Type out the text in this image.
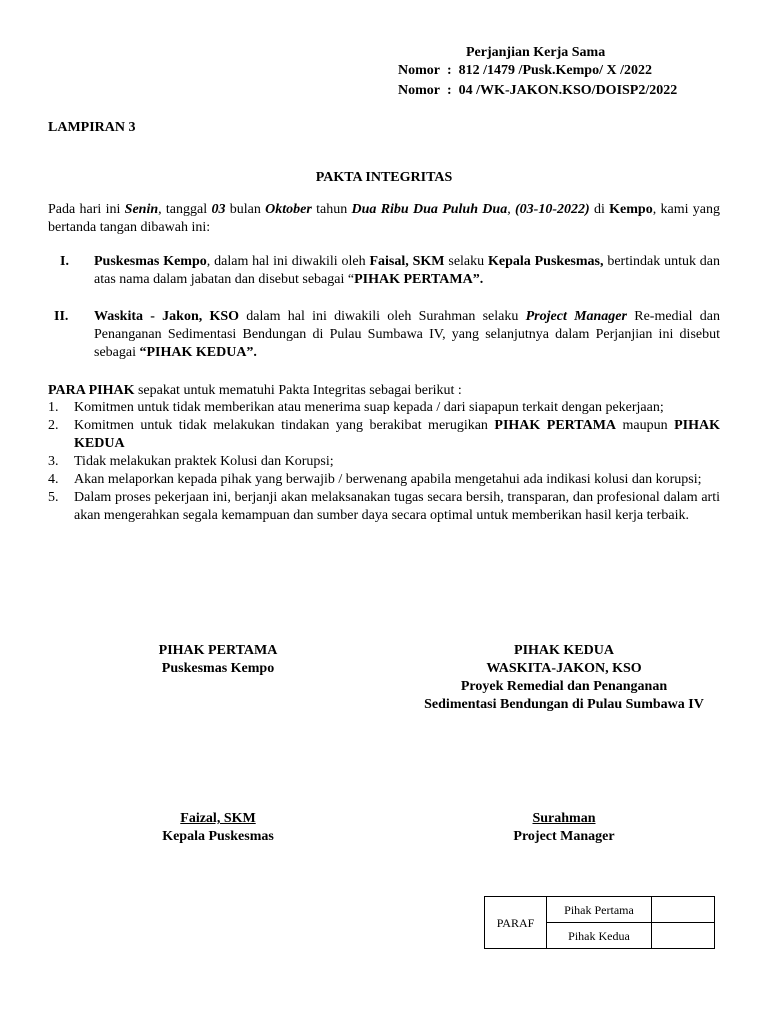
Perjanjian Kerja Sama
Nomor : 812 /1479 /Pusk.Kempo/ X /2022
Nomor : 04 /WK-JAKON.KSO/DOISP2/2022
LAMPIRAN 3
PAKTA INTEGRITAS
Pada hari ini Senin, tanggal 03 bulan Oktober tahun Dua Ribu Dua Puluh Dua, (03-10-2022) di Kempo, kami yang bertanda tangan dibawah ini:
I.	Puskesmas Kempo, dalam hal ini diwakili oleh Faisal, SKM selaku Kepala Puskesmas, bertindak untuk dan atas nama dalam jabatan dan disebut sebagai “PIHAK PERTAMA”.
II.	Waskita - Jakon, KSO dalam hal ini diwakili oleh Surahman selaku Project Manager Re-medial dan Penanganan Sedimentasi Bendungan di Pulau Sumbawa IV, yang selanjutnya dalam Perjanjian ini disebut sebagai “PIHAK KEDUA”.
PARA PIHAK sepakat untuk mematuhi Pakta Integritas sebagai berikut :
1.	Komitmen untuk tidak memberikan atau menerima suap kepada / dari siapapun terkait dengan pekerjaan;
2.	Komitmen untuk tidak melakukan tindakan yang berakibat merugikan PIHAK PERTAMA maupun PIHAK KEDUA
3.	Tidak melakukan praktek Kolusi dan Korupsi;
4.	Akan melaporkan kepada pihak yang berwajib / berwenang apabila mengetahui ada indikasi kolusi dan korupsi;
5.	Dalam proses pekerjaan ini, berjanji akan melaksanakan tugas secara bersih, transparan, dan profesional dalam arti akan mengerahkan segala kemampuan dan sumber daya secara optimal untuk memberikan hasil kerja terbaik.
PIHAK PERTAMA
Puskesmas Kempo
PIHAK KEDUA
WASKITA-JAKON, KSO
Proyek Remedial dan Penanganan
Sedimentasi Bendungan di Pulau Sumbawa IV
Faizal, SKM
Kepala Puskesmas
Surahman
Project Manager
PARAF	Pihak Pertama	
	Pihak Kedua	
